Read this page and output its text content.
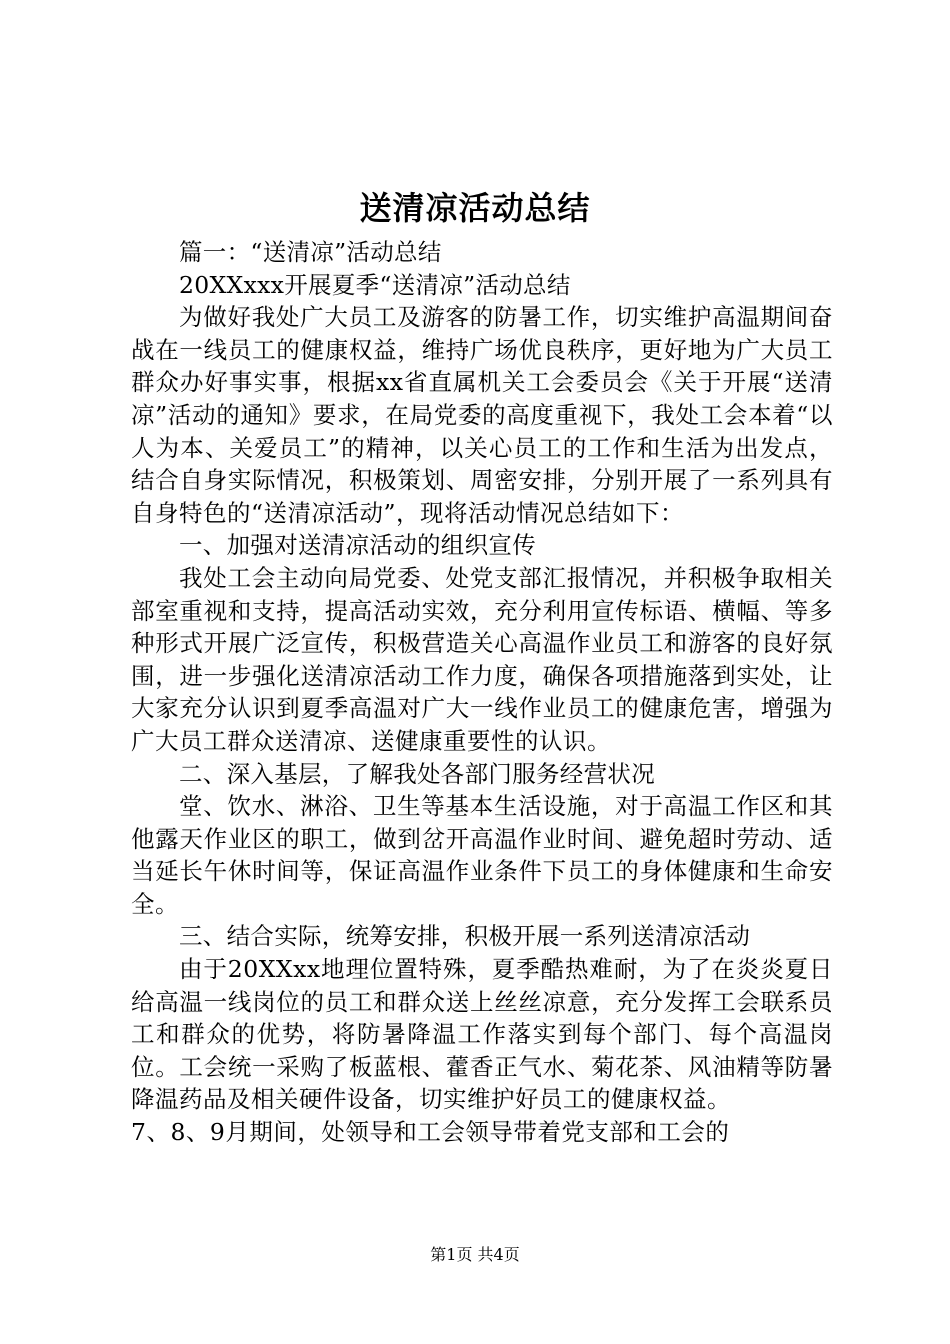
送清凉活动总结

篇一：“送清凉”活动总结

20XXxxx开展夏季“送清凉”活动总结

为做好我处广大员工及游客的防暑工作，切实维护高温期间奋战在一线员工的健康权益，维持广场优良秩序，更好地为广大员工群众办好事实事，根据xx省直属机关工会委员会《关于开展“送清凉”活动的通知》要求，在局党委的高度重视下，我处工会本着“以人为本、关爱员工”的精神，以关心员工的工作和生活为出发点，结合自身实际情况，积极策划、周密安排，分别开展了一系列具有自身特色的“送清凉活动”，现将活动情况总结如下：

一、加强对送清凉活动的组织宣传

我处工会主动向局党委、处党支部汇报情况，并积极争取相关部室重视和支持，提高活动实效，充分利用宣传标语、横幅、等多种形式开展广泛宣传，积极营造关心高温作业员工和游客的良好氛围，进一步强化送清凉活动工作力度，确保各项措施落到实处，让大家充分认识到夏季高温对广大一线作业员工的健康危害，增强为广大员工群众送清凉、送健康重要性的认识。

二、深入基层，了解我处各部门服务经营状况

堂、饮水、淋浴、卫生等基本生活设施，对于高温工作区和其他露天作业区的职工，做到岔开高温作业时间、避免超时劳动、适当延长午休时间等，保证高温作业条件下员工的身体健康和生命安全。

三、结合实际，统筹安排，积极开展一系列送清凉活动

由于20XXxx地理位置特殊，夏季酷热难耐，为了在炎炎夏日给高温一线岗位的员工和群众送上丝丝凉意，充分发挥工会联系员工和群众的优势，将防暑降温工作落实到每个部门、每个高温岗位。工会统一采购了板蓝根、藿香正气水、菊花茶、风油精等防暑降温药品及相关硬件设备，切实维护好员工的健康权益。

7、8、9月期间，处领导和工会领导带着党支部和工会的

第1页 共4页
